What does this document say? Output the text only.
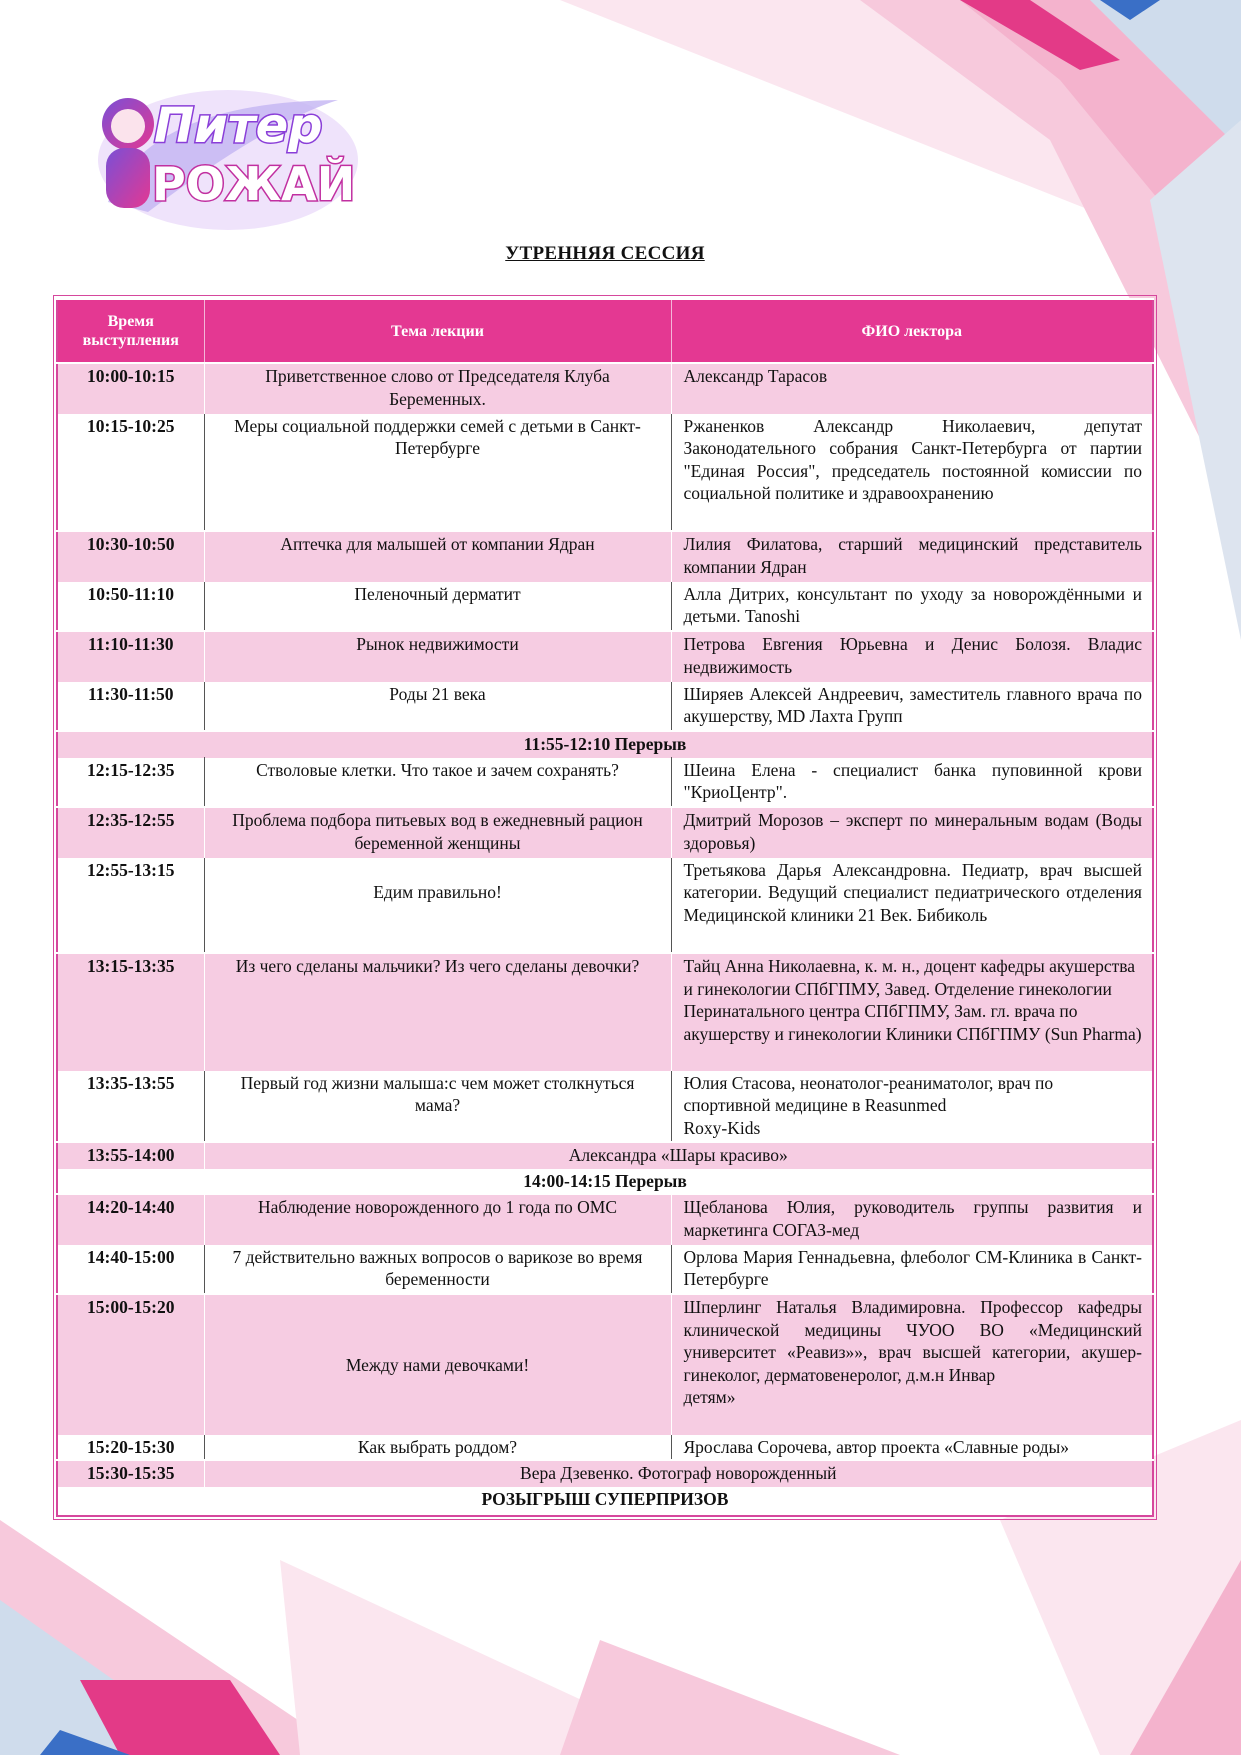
Питер
РОЖАЙ
УТРЕННЯЯ СЕССИЯ
Время выступления	Тема лекции	ФИО лектора
10:00-10:15	Приветственное слово от Председателя Клуба Беременных.	Александр Тарасов
10:15-10:25	Меры социальной поддержки семей с детьми в Санкт-Петербурге	Ржаненков Александр Николаевич, депутат Законодательного собрания Санкт-Петербурга от партии "Единая Россия", председатель постоянной комиссии по социальной политике и здравоохранению
10:30-10:50	Аптечка для малышей от компании Ядран	Лилия Филатова, старший медицинский представитель компании Ядран
10:50-11:10	Пеленочный дерматит	Алла Дитрих, консультант по уходу за новорождёнными и детьми. Tanoshi
11:10-11:30	Рынок недвижимости	Петрова Евгения Юрьевна и Денис Болозя. Владис недвижимость
11:30-11:50	Роды 21 века	Ширяев Алексей Андреевич, заместитель главного врача по акушерству, MD Лахта Групп
11:55-12:10 Перерыв		
12:15-12:35	Стволовые клетки. Что такое и зачем сохранять?	Шеина Елена - специалист банка пуповинной крови "КриоЦентр".
12:35-12:55	Проблема подбора питьевых вод в ежедневный рацион беременной женщины	Дмитрий Морозов – эксперт по минеральным водам (Воды здоровья)
12:55-13:15	Едим правильно!	Третьякова Дарья Александровна. Педиатр, врач высшей категории. Ведущий специалист педиатрического отделения Медицинской клиники 21 Век. Бибиколь
13:15-13:35	Из чего сделаны мальчики? Из чего сделаны девочки?	Тайц Анна Николаевна, к. м. н., доцент кафедры акушерства и гинекологии СПбГПМУ, Завед. Отделение гинекологии Перинатального центра СПбГПМУ, Зам. гл. врача по акушерству и гинекологии Клиники СПбГПМУ (Sun Pharma)
13:35-13:55	Первый год жизни малыша:с чем может столкнуться мама?	Юлия Стасова, неонатолог-реаниматолог, врач по спортивной медицине в Reasunmed
Roxy-Kids
13:55-14:00	Александра «Шары красиво»	
14:00-14:15 Перерыв		
14:20-14:40	Наблюдение новорожденного до 1 года по ОМС	Щебланова Юлия, руководитель группы развития и маркетинга СОГАЗ-мед
14:40-15:00	7 действительно важных вопросов о варикозе во время беременности	Орлова Мария Геннадьевна, флеболог СМ-Клиника в Санкт-Петербурге
15:00-15:20	Между нами девочками!	Шперлинг Наталья Владимировна. Профессор кафедры клинической медицины ЧУОО ВО «Медицинский университет «Реавиз»», врач высшей категории, акушер-гинеколог, дерматовенеролог, д.м.н Инвар
детям»
15:20-15:30	Как выбрать роддом?	Ярослава Сорочева, автор проекта «Славные роды»
15:30-15:35	Вера Дзевенко. Фотограф новорожденный	
РОЗЫГРЫШ СУПЕРПРИЗОВ		
